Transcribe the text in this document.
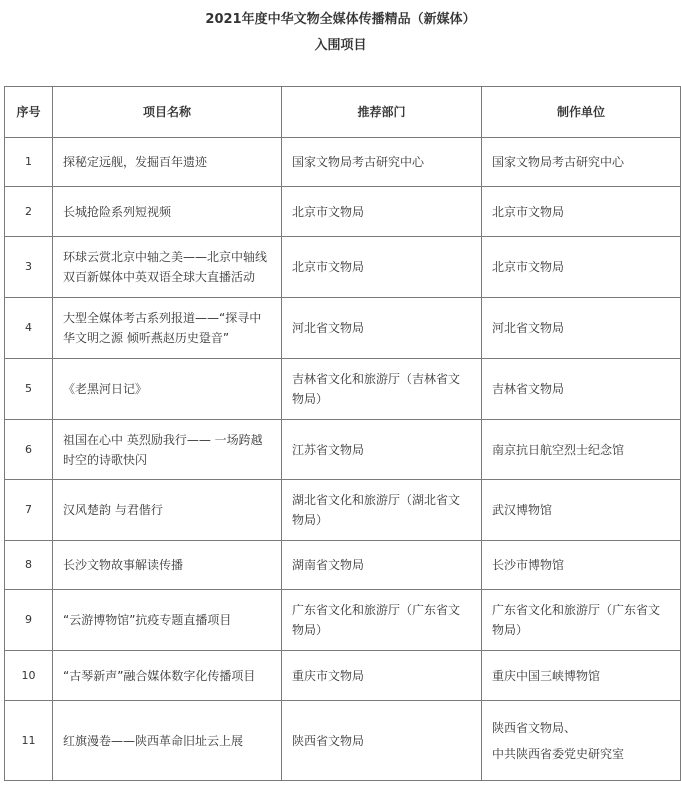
2021年度中华文物全媒体传播精品（新媒体）
入围项目
序号	项目名称	推荐部门	制作单位
1	探秘定远舰，发掘百年遗迹	国家文物局考古研究中心	国家文物局考古研究中心
2	长城抢险系列短视频	北京市文物局	北京市文物局
3	环球云赏北京中轴之美——北京中轴线双百新媒体中英双语全球大直播活动	北京市文物局	北京市文物局
4	大型全媒体考古系列报道——“探寻中华文明之源 倾听燕赵历史跫音”	河北省文物局	河北省文物局
5	《老黑河日记》	吉林省文化和旅游厅（吉林省文物局）	吉林省文物局
6	祖国在心中 英烈励我行—— 一场跨越时空的诗歌快闪	江苏省文物局	南京抗日航空烈士纪念馆
7	汉风楚韵 与君偕行	湖北省文化和旅游厅（湖北省文物局）	武汉博物馆
8	长沙文物故事解读传播	湖南省文物局	长沙市博物馆
9	“云游博物馆”抗疫专题直播项目	广东省文化和旅游厅（广东省文物局）	广东省文化和旅游厅（广东省文物局）
10	“古琴新声”融合媒体数字化传播项目	重庆市文物局	重庆中国三峡博物馆
11	红旗漫卷——陕西革命旧址云上展	陕西省文物局	陕西省文物局、
中共陕西省委党史研究室
